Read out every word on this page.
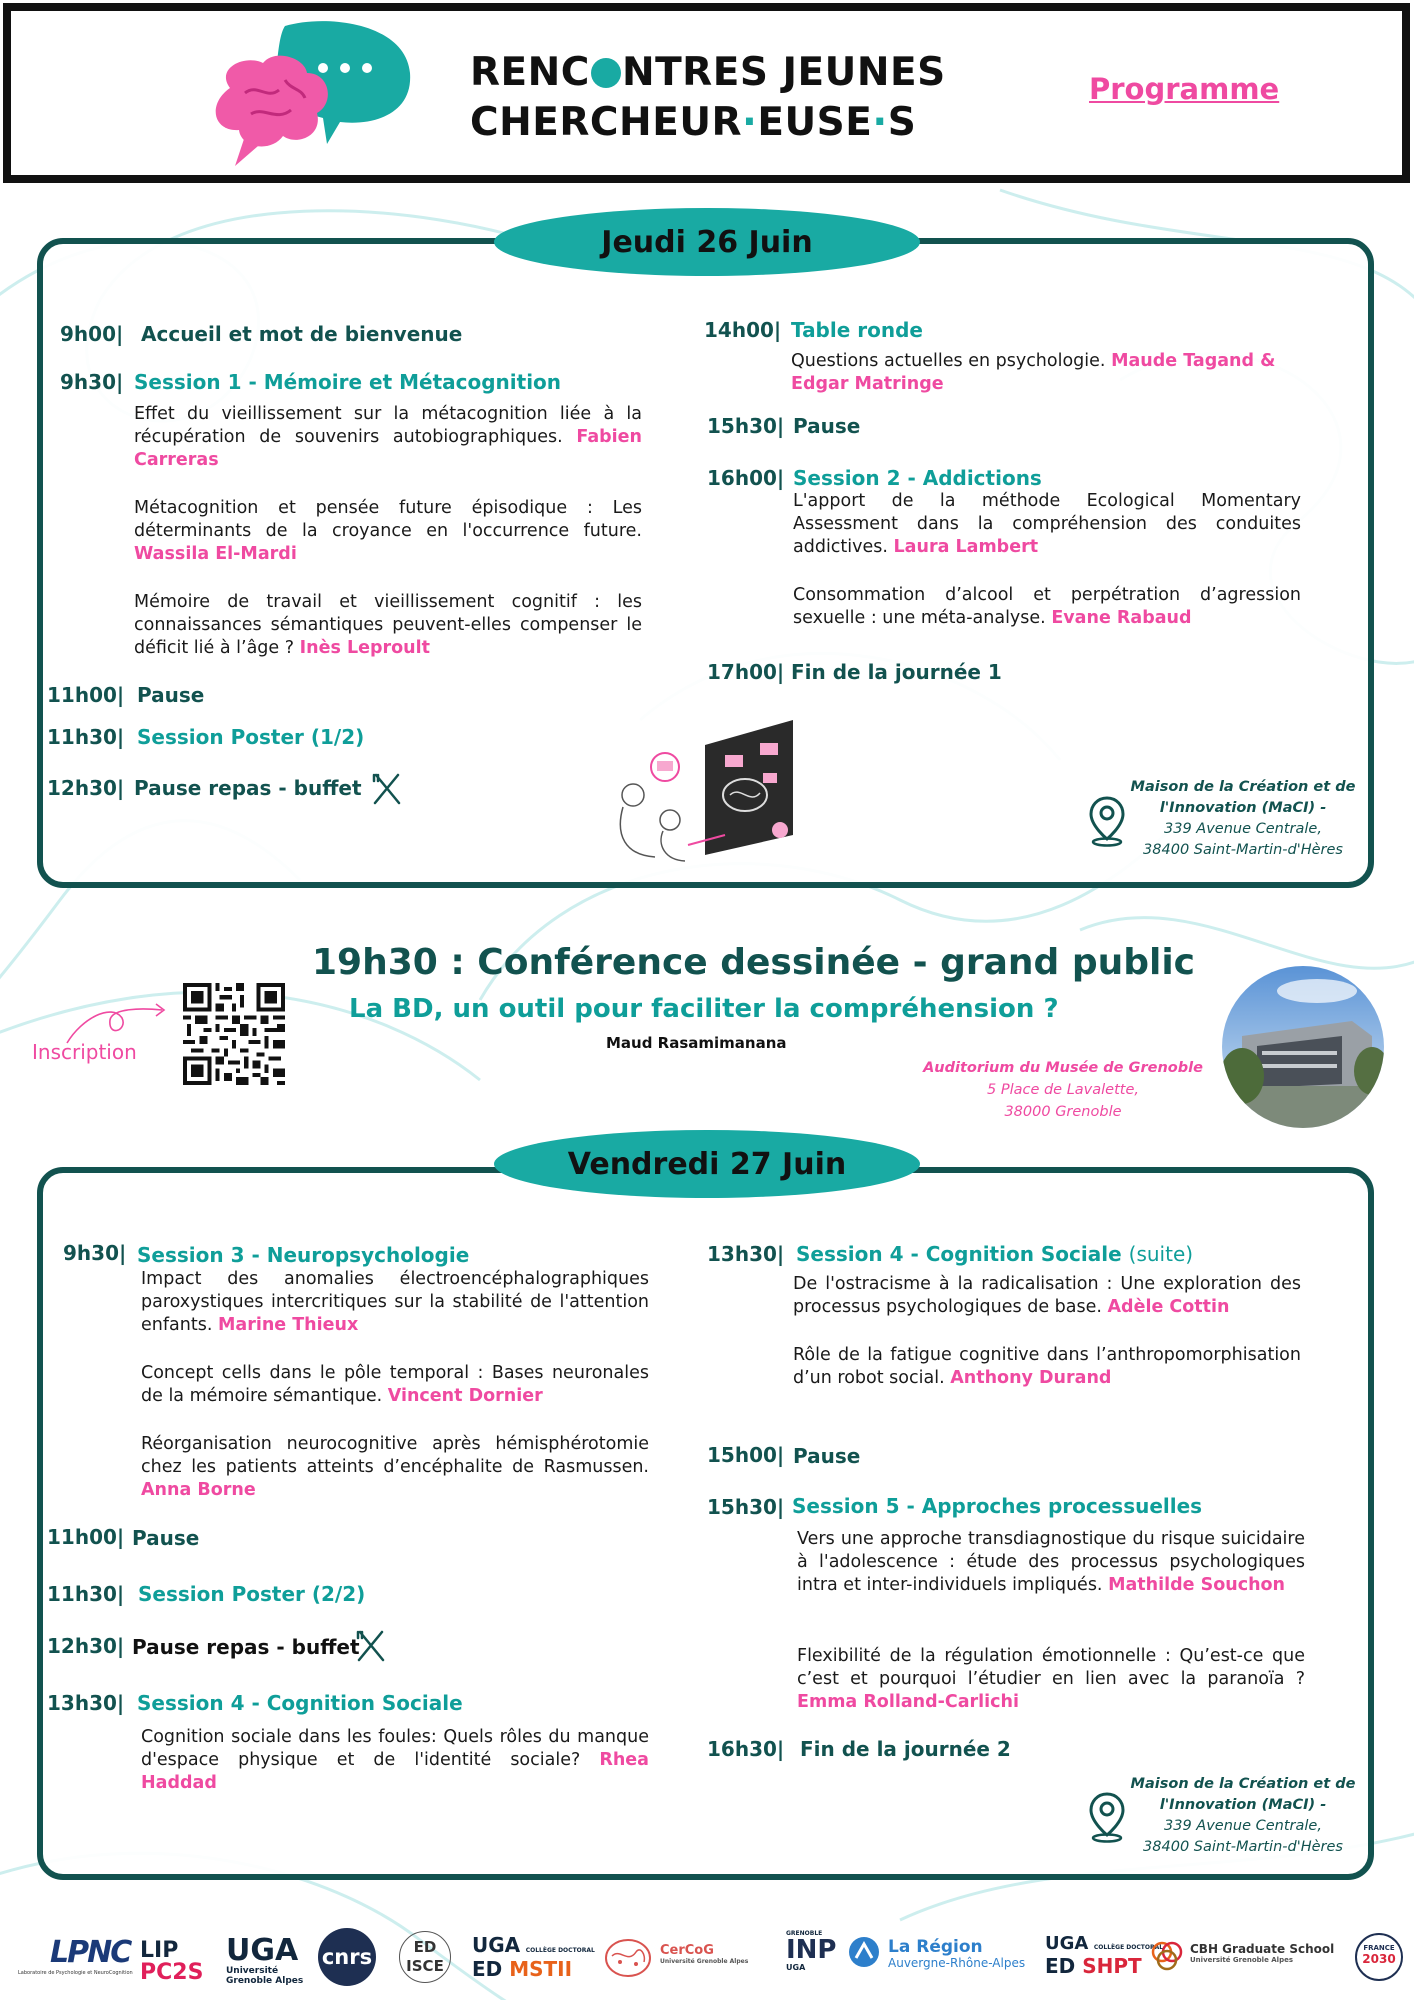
RENC NTRES JEUNES
CHERCHEUR·EUSE·S
Programme
Jeudi 26 Juin
9h00| Accueil et mot de bienvenue
9h30| Session 1 - Mémoire et Métacognition
Effet du vieillissement sur la métacognition liée à la récupération de souvenirs autobiographiques. Fabien Carreras
Métacognition et pensée future épisodique : Les déterminants de la croyance en l'occurrence future. Wassila El-Mardi
Mémoire de travail et vieillissement cognitif : les connaissances sémantiques peuvent-elles compenser le déficit lié à l’âge ? Inès Leproult
11h00| Pause
11h30| Session Poster (1/2)
12h30| Pause repas - buffet
14h00| Table ronde
Questions actuelles en psychologie. Maude Tagand & Edgar Matringe
15h30| Pause
16h00| Session 2 - Addictions
L'apport de la méthode Ecological Momentary Assessment dans la compréhension des conduites addictives. Laura Lambert
Consommation d’alcool et perpétration d’agression sexuelle : une méta-analyse. Evane Rabaud
17h00| Fin de la journée 1
Maison de la Création et de
l'Innovation (MaCI) -
339 Avenue Centrale,
38400 Saint-Martin-d'Hères
19h30 : Conférence dessinée - grand public
La BD, un outil pour faciliter la compréhension ?
Maud Rasamimanana
Inscription
Auditorium du Musée de Grenoble
5 Place de Lavalette,
38000 Grenoble
Vendredi 27 Juin
9h30| Session 3 - Neuropsychologie
Impact des anomalies électroencéphalographiques paroxystiques intercritiques sur la stabilité de l'attention enfants. Marine Thieux
Concept cells dans le pôle temporal : Bases neuronales de la mémoire sémantique. Vincent Dornier
Réorganisation neurocognitive après hémisphérotomie chez les patients atteints d’encéphalite de Rasmussen. Anna Borne
11h00| Pause
11h30| Session Poster (2/2)
12h30| Pause repas - buffet
13h30| Session 4 - Cognition Sociale
Cognition sociale dans les foules: Quels rôles du manque d'espace physique et de l'identité sociale? Rhea Haddad
13h30| Session 4 - Cognition Sociale (suite)
De l'ostracisme à la radicalisation : Une exploration des processus psychologiques de base. Adèle Cottin
Rôle de la fatigue cognitive dans l’anthropomorphisation d’un robot social. Anthony Durand
15h00| Pause
15h30| Session 5 - Approches processuelles
Vers une approche transdiagnostique du risque suicidaire à l'adolescence : étude des processus psychologiques intra et inter-individuels impliqués. Mathilde Souchon
Flexibilité de la régulation émotionnelle : Qu’est-ce que c’est et pourquoi l’étudier en lien avec la paranoïa ? Emma Rolland-Carlichi
16h30| Fin de la journée 2
Maison de la Création et de
l'Innovation (MaCI) -
339 Avenue Centrale,
38400 Saint-Martin-d'Hères
LPNC
Laboratoire de Psychologie et NeuroCognition
LIP
PC2S
UGA
Université
Grenoble Alpes
cnrs	ED
ISCE
UGA COLLÈGE DOCTORAL
ED MSTII
CerCoG
Université Grenoble Alpes
GRENOBLE
INP
UGA
La Région
Auvergne-Rhône-Alpes
UGA COLLÈGE DOCTORAL
ED SHPT
CBH Graduate School
Université Grenoble Alpes
FRANCE
2030
